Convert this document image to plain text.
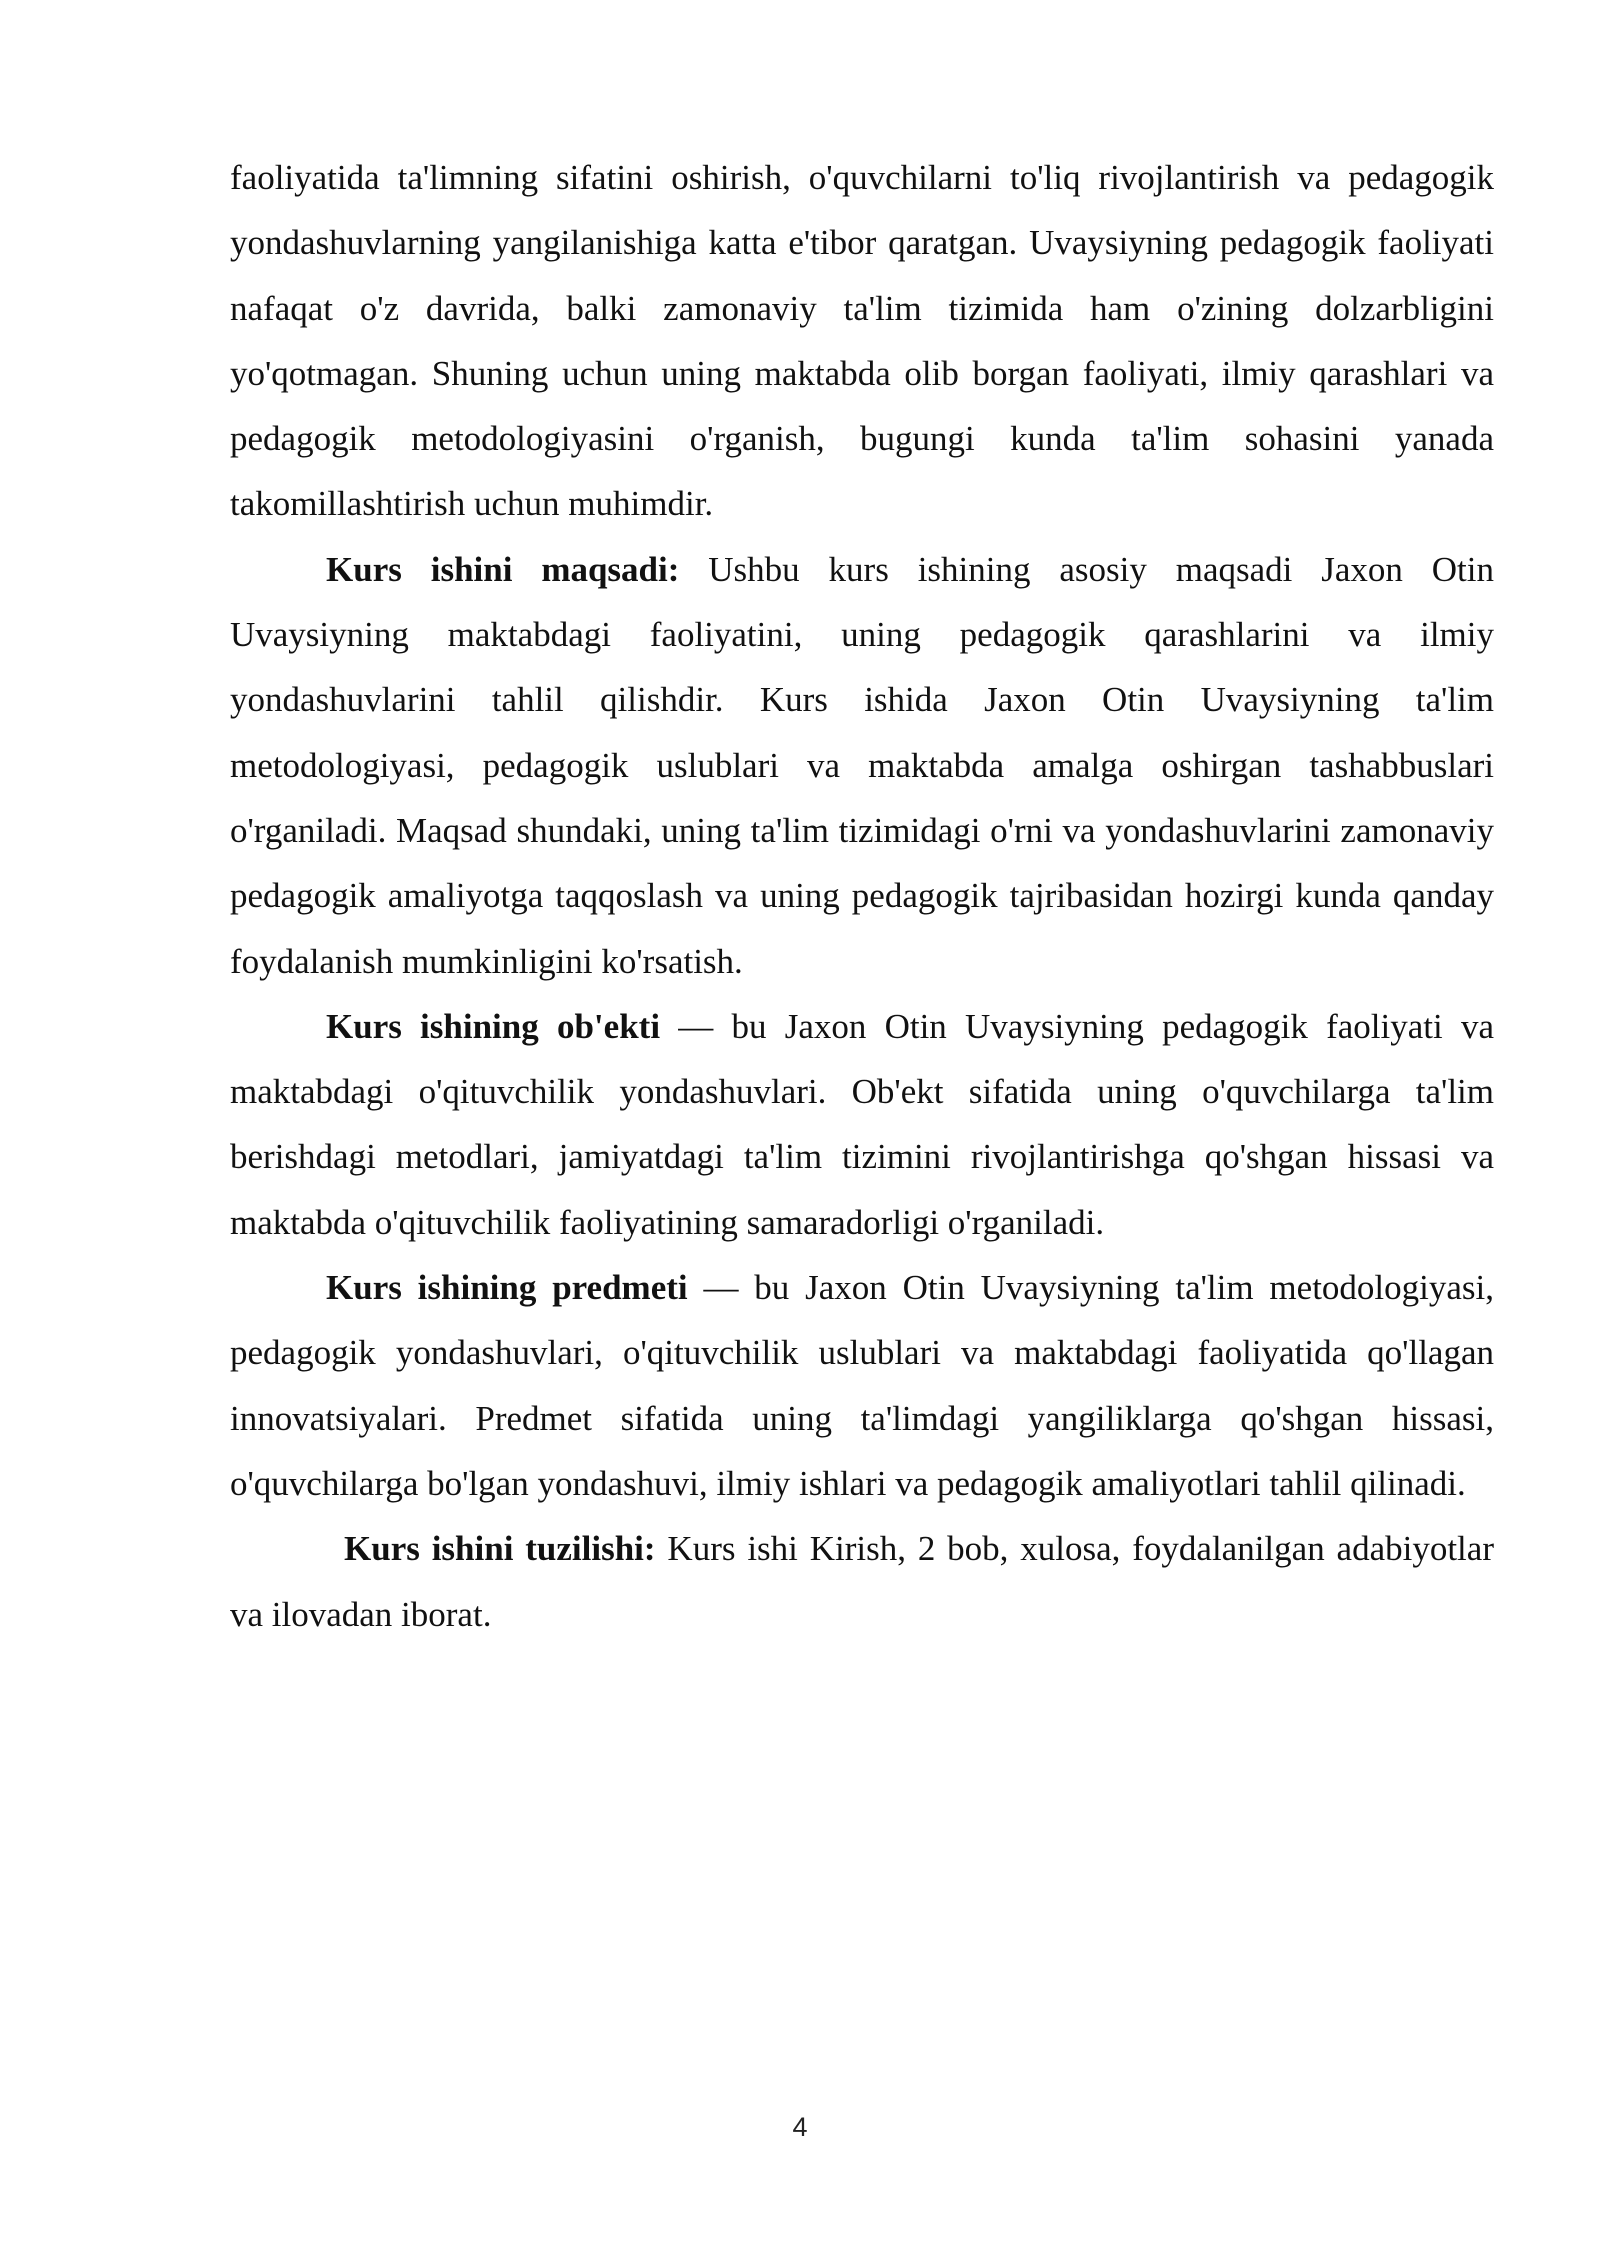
faoliyatida ta'limning sifatini oshirish, o'quvchilarni to'liq rivojlantirish va pedagogik yondashuvlarning yangilanishiga katta e'tibor qaratgan. Uvaysiyning pedagogik faoliyati nafaqat o'z davrida, balki zamonaviy ta'lim tizimida ham o'zining dolzarbligini yo'qotmagan. Shuning uchun uning maktabda olib borgan faoliyati, ilmiy qarashlari va pedagogik metodologiyasini o'rganish, bugungi kunda ta'lim sohasini yanada takomillashtirish uchun muhimdir.

Kurs ishini maqsadi: Ushbu kurs ishining asosiy maqsadi Jaxon Otin Uvaysiyning maktabdagi faoliyatini, uning pedagogik qarashlarini va ilmiy yondashuvlarini tahlil qilishdir. Kurs ishida Jaxon Otin Uvaysiyning ta'lim metodologiyasi, pedagogik uslublari va maktabda amalga oshirgan tashabbuslari o'rganiladi. Maqsad shundaki, uning ta'lim tizimidagi o'rni va yondashuvlarini zamonaviy pedagogik amaliyotga taqqoslash va uning pedagogik tajribasidan hozirgi kunda qanday foydalanish mumkinligini ko'rsatish.

Kurs ishining ob'ekti — bu Jaxon Otin Uvaysiyning pedagogik faoliyati va maktabdagi o'qituvchilik yondashuvlari. Ob'ekt sifatida uning o'quvchilarga ta'lim berishdagi metodlari, jamiyatdagi ta'lim tizimini rivojlantirishga qo'shgan hissasi va maktabda o'qituvchilik faoliyatining samaradorligi o'rganiladi.

Kurs ishining predmeti — bu Jaxon Otin Uvaysiyning ta'lim metodologiyasi, pedagogik yondashuvlari, o'qituvchilik uslublari va maktabdagi faoliyatida qo'llagan innovatsiyalari. Predmet sifatida uning ta'limdagi yangiliklarga qo'shgan hissasi, o'quvchilarga bo'lgan yondashuvi, ilmiy ishlari va pedagogik amaliyotlari tahlil qilinadi.

Kurs ishini tuzilishi: Kurs ishi Kirish, 2 bob, xulosa, foydalanilgan adabiyotlar va ilovadan iborat.

4
